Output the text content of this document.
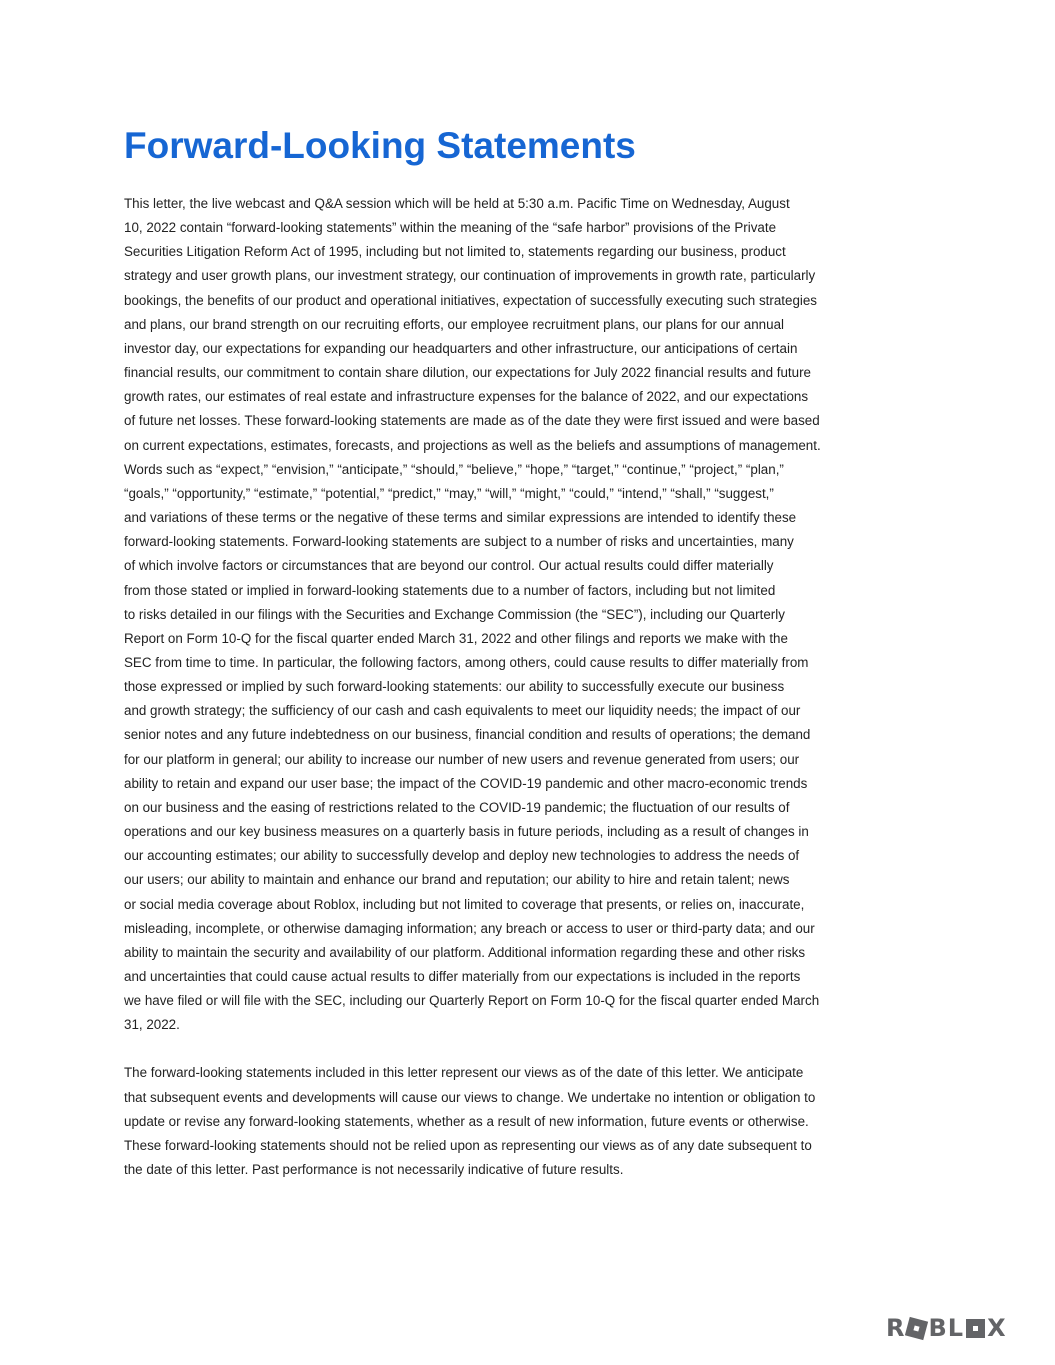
Forward-Looking Statements

This letter, the live webcast and Q&A session which will be held at 5:30 a.m. Pacific Time on Wednesday, August
10, 2022 contain “forward-looking statements” within the meaning of the “safe harbor” provisions of the Private
Securities Litigation Reform Act of 1995, including but not limited to, statements regarding our business, product
strategy and user growth plans, our investment strategy, our continuation of improvements in growth rate, particularly
bookings, the benefits of our product and operational initiatives, expectation of successfully executing such strategies
and plans, our brand strength on our recruiting efforts, our employee recruitment plans, our plans for our annual
investor day, our expectations for expanding our headquarters and other infrastructure, our anticipations of certain
financial results, our commitment to contain share dilution, our expectations for July 2022 financial results and future
growth rates, our estimates of real estate and infrastructure expenses for the balance of 2022, and our expectations
of future net losses. These forward-looking statements are made as of the date they were first issued and were based
on current expectations, estimates, forecasts, and projections as well as the beliefs and assumptions of management.
Words such as “expect,” “envision,” “anticipate,” “should,” “believe,” “hope,” “target,” “continue,” “project,” “plan,”
“goals,” “opportunity,” “estimate,” “potential,” “predict,” “may,” “will,” “might,” “could,” “intend,” “shall,” “suggest,”
and variations of these terms or the negative of these terms and similar expressions are intended to identify these
forward-looking statements. Forward-looking statements are subject to a number of risks and uncertainties, many
of which involve factors or circumstances that are beyond our control. Our actual results could differ materially
from those stated or implied in forward-looking statements due to a number of factors, including but not limited
to risks detailed in our filings with the Securities and Exchange Commission (the “SEC”), including our Quarterly
Report on Form 10-Q for the fiscal quarter ended March 31, 2022 and other filings and reports we make with the
SEC from time to time. In particular, the following factors, among others, could cause results to differ materially from
those expressed or implied by such forward-looking statements: our ability to successfully execute our business
and growth strategy; the sufficiency of our cash and cash equivalents to meet our liquidity needs; the impact of our
senior notes and any future indebtedness on our business, financial condition and results of operations; the demand
for our platform in general; our ability to increase our number of new users and revenue generated from users; our
ability to retain and expand our user base; the impact of the COVID-19 pandemic and other macro-economic trends
on our business and the easing of restrictions related to the COVID-19 pandemic; the fluctuation of our results of
operations and our key business measures on a quarterly basis in future periods, including as a result of changes in
our accounting estimates; our ability to successfully develop and deploy new technologies to address the needs of
our users; our ability to maintain and enhance our brand and reputation; our ability to hire and retain talent; news
or social media coverage about Roblox, including but not limited to coverage that presents, or relies on, inaccurate,
misleading, incomplete, or otherwise damaging information; any breach or access to user or third-party data; and our
ability to maintain the security and availability of our platform. Additional information regarding these and other risks
and uncertainties that could cause actual results to differ materially from our expectations is included in the reports
we have filed or will file with the SEC, including our Quarterly Report on Form 10-Q for the fiscal quarter ended March
31, 2022.

The forward-looking statements included in this letter represent our views as of the date of this letter. We anticipate
that subsequent events and developments will cause our views to change. We undertake no intention or obligation to
update or revise any forward-looking statements, whether as a result of new information, future events or otherwise.
These forward-looking statements should not be relied upon as representing our views as of any date subsequent to
the date of this letter. Past performance is not necessarily indicative of future results.

R BL X
